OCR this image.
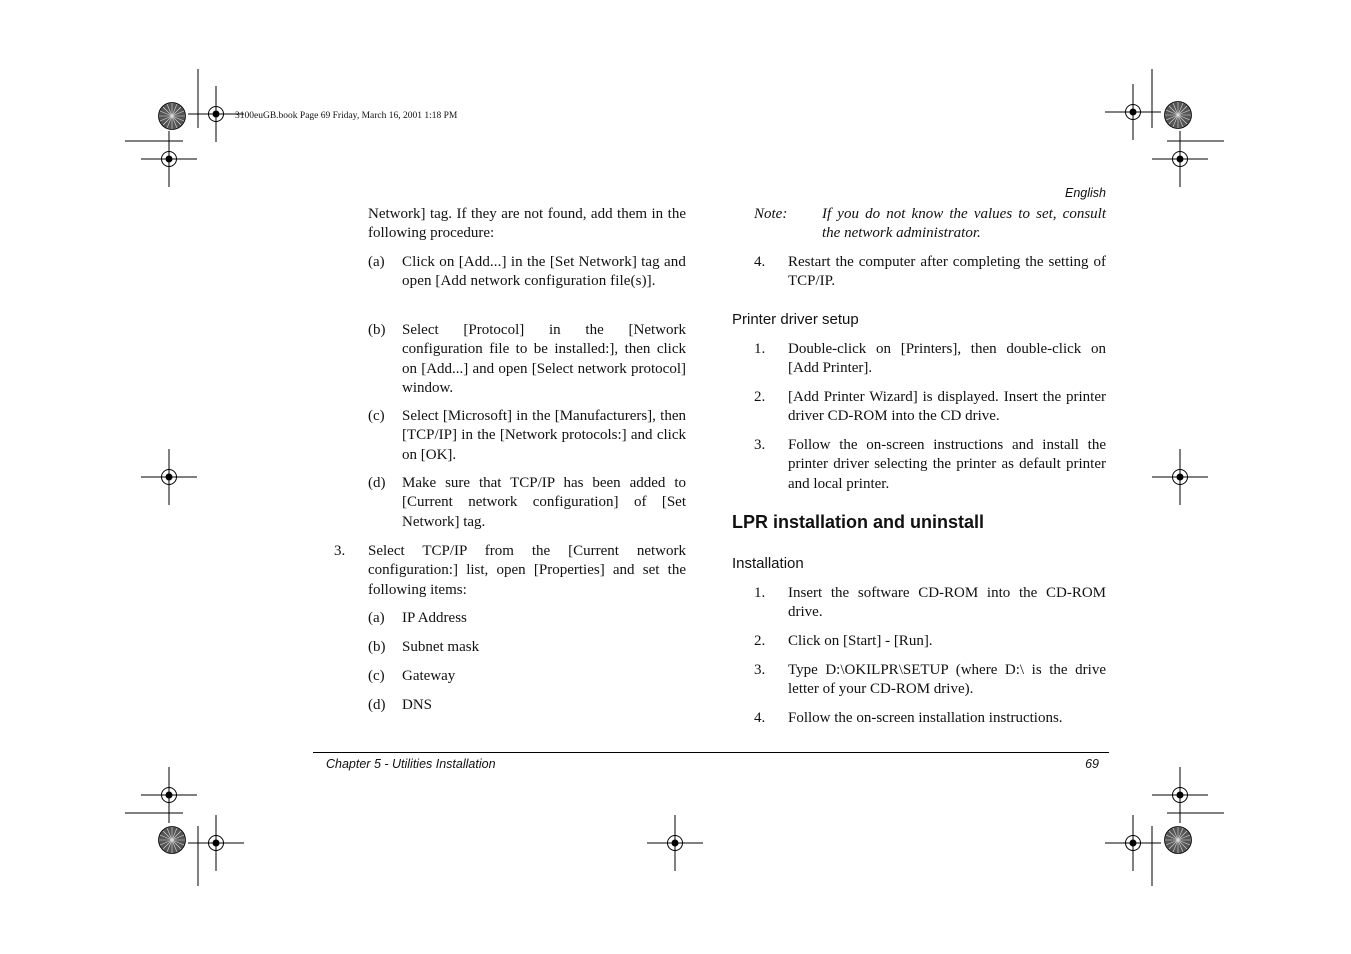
3100euGB.book Page 69 Friday, March 16, 2001 1:18 PM
English
Network] tag. If they are not found, add them in the following procedure:
(a) Click on [Add...] in the [Set Network] tag and open [Add network configuration file(s)].
(b) Select [Protocol] in the [Network configuration file to be installed:], then click on [Add...] and open [Select network protocol] window.
(c) Select [Microsoft] in the [Manufacturers], then [TCP/IP] in the [Network protocols:] and click on [OK].
(d) Make sure that TCP/IP has been added to [Current network configuration] of [Set Network] tag.
3. Select TCP/IP from the [Current network configuration:] list, open [Properties] and set the following items:
(a) IP Address
(b) Subnet mask
(c) Gateway
(d) DNS
Note: If you do not know the values to set, consult the network administrator.
4. Restart the computer after completing the setting of TCP/IP.
Printer driver setup
1. Double-click on [Printers], then double-click on [Add Printer].
2. [Add Printer Wizard] is displayed. Insert the printer driver CD-ROM into the CD drive.
3. Follow the on-screen instructions and install the printer driver selecting the printer as default printer and local printer.
LPR installation and uninstall
Installation
1. Insert the software CD-ROM into the CD-ROM drive.
2. Click on [Start] - [Run].
3. Type D:\OKILPR\SETUP (where D:\ is the drive letter of your CD-ROM drive).
4. Follow the on-screen installation instructions.
Chapter 5 - Utilities Installation	69
